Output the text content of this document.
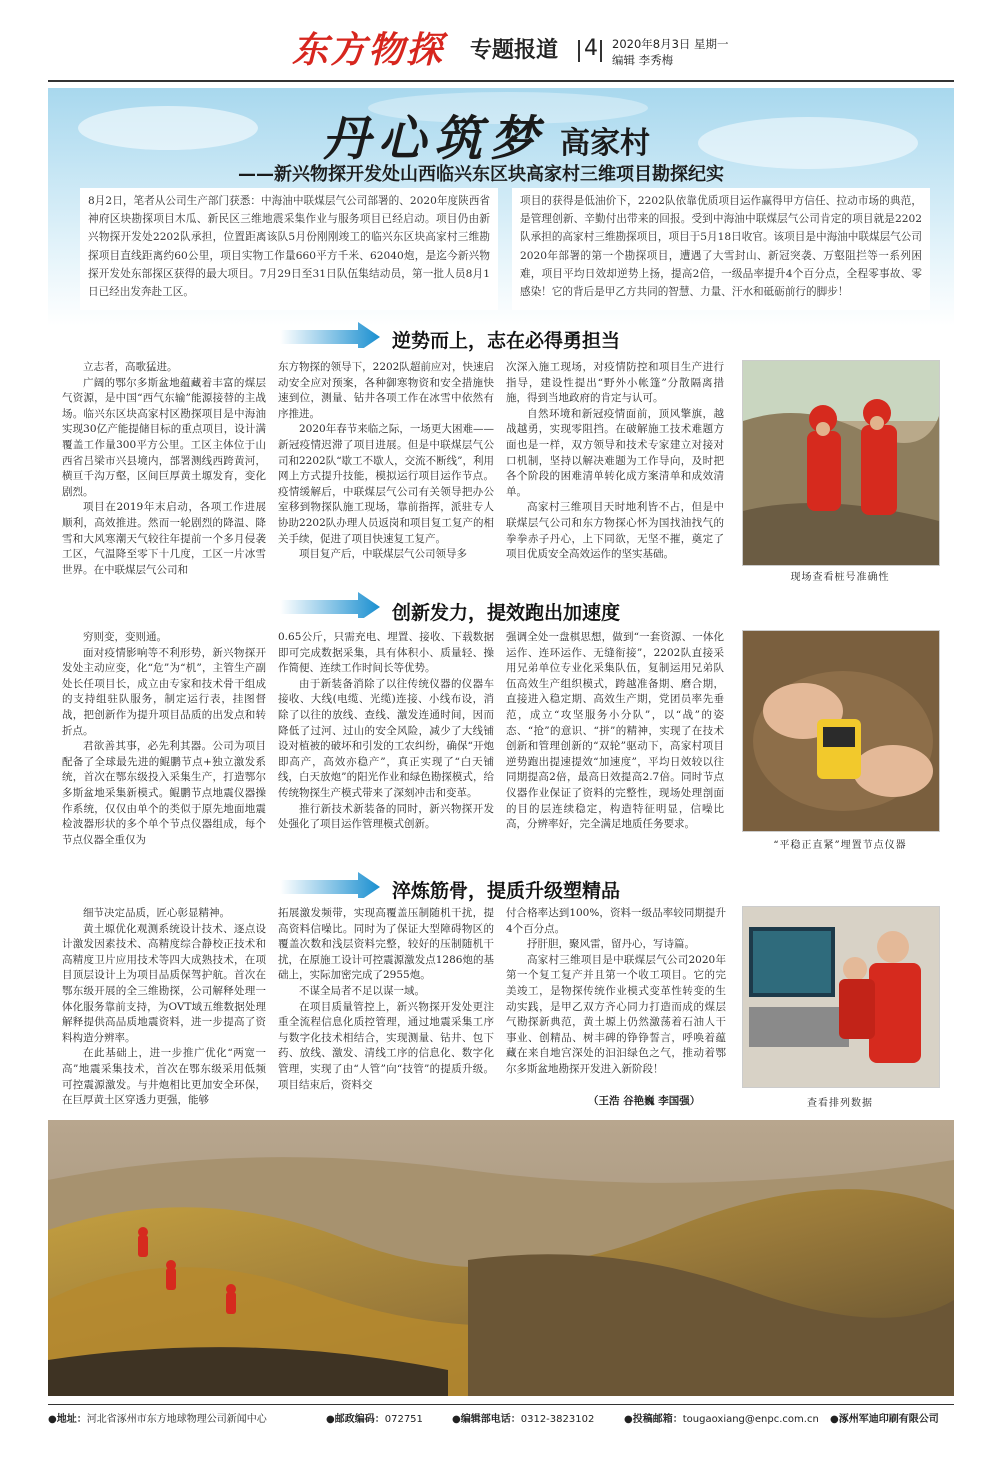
东方物探	专题报道 4 2020年8月3日 星期一
编辑 李秀梅
丹心筑梦 高家村
——新兴物探开发处山西临兴东区块高家村三维项目勘探纪实
8月2日，笔者从公司生产部门获悉：中海油中联煤层气公司部署的、2020年度陕西省神府区块勘探项目木瓜、新民区三维地震采集作业与服务项目已经启动。项目仍由新兴物探开发处2202队承担，位置距离该队5月份刚刚竣工的临兴东区块高家村三维勘探项目直线距离约60公里，项目实物工作量660平方千米、62040炮，是迄今新兴物探开发处东部探区获得的最大项目。7月29日至31日队伍集结动员，第一批人员8月1日已经出发奔赴工区。
项目的获得是低油价下，2202队依靠优质项目运作赢得甲方信任、拉动市场的典范，是管理创新、辛勤付出带来的回报。受到中海油中联煤层气公司肯定的项目就是2202队承担的高家村三维勘探项目，项目于5月18日收官。该项目是中海油中联煤层气公司2020年部署的第一个勘探项目，遭遇了大雪封山、新冠突袭、万壑阻拦等一系列困难，项目平均日效却逆势上扬，提高2倍，一级品率提升4个百分点，全程零事故、零感染！它的背后是甲乙方共同的智慧、力量、汗水和砥砺前行的脚步！
逆势而上，志在必得勇担当

立志者，高歌猛进。

广阔的鄂尔多斯盆地蕴藏着丰富的煤层气资源，是中国“西气东输”能源接替的主战场。临兴东区块高家村区勘探项目是中海油实现30亿产能提储目标的重点项目，设计满覆盖工作量300平方公里。工区主体位于山西省吕梁市兴县境内，部署测线西跨黄河，横亘千沟万壑，区间巨厚黄土塬发育，变化剧烈。

项目在2019年末启动，各项工作进展顺利，高效推进。然而一轮剧烈的降温、降雪和大风寒潮天气较往年提前一个多月侵袭工区，气温降至零下十几度，工区一片冰雪世界。在中联煤层气公司和

东方物探的领导下，2202队超前应对，快速启动安全应对预案，各种御寒物资和安全措施快速到位，测量、钻井各项工作在冰雪中依然有序推进。

2020年春节来临之际，一场更大困难——新冠疫情迟滞了项目进展。但是中联煤层气公司和2202队“歇工不歇人，交流不断线”，利用网上方式提升技能，模拟运行项目运作节点。疫情缓解后，中联煤层气公司有关领导把办公室移到物探队施工现场，靠前指挥，派驻专人协助2202队办理人员返岗和项目复工复产的相关手续，促进了项目快速复工复产。

项目复产后，中联煤层气公司领导多

次深入施工现场，对疫情防控和项目生产进行指导，建设性提出“野外小帐篷”分散隔离措施，得到当地政府的肯定与认可。

自然环境和新冠疫情面前，顶风擎旗，越战越勇，实现零阻挡。在破解施工技术难题方面也是一样，双方领导和技术专家建立对接对口机制，坚持以解决难题为工作导向，及时把各个阶段的困难清单转化成方案清单和成效清单。

高家村三维项目天时地利皆不占，但是中联煤层气公司和东方物探心怀为国找油找气的拳拳赤子丹心，上下同欲，无坚不摧，奠定了项目优质安全高效运作的坚实基础。

现场查看桩号准确性
创新发力，提效跑出加速度

穷则变，变则通。

面对疫情影响等不利形势，新兴物探开发处主动应变，化“危”为“机”，主管生产副处长任项目长，成立由专家和技术骨干组成的支持组驻队服务，制定运行表，挂图督战，把创新作为提升项目品质的出发点和转折点。

君欲善其事，必先利其器。公司为项目配备了全球最先进的鲲鹏节点+独立激发系统，首次在鄂东级投入采集生产，打造鄂尔多斯盆地采集新模式。鲲鹏节点地震仪器操作系统，仅仅由单个的类似于原先地面地震检波器形状的多个单个节点仪器组成，每个节点仪器全重仅为

0.65公斤，只需充电、埋置、接收、下载数据即可完成数据采集，具有体积小、质量轻、操作简便、连续工作时间长等优势。

由于新装备消除了以往传统仪器的仪器车接收、大线(电缆、光缆)连接、小线布设，消除了以往的放线、查线、激发连通时间，因而降低了过河、过山的安全风险，减少了大线铺设对植被的破坏和引发的工农纠纷，确保“开炮即高产，高效亦稳产”，真正实现了“白天铺线，白天放炮”的阳光作业和绿色勘探模式，给传统物探生产模式带来了深刻冲击和变革。

推行新技术新装备的同时，新兴物探开发处强化了项目运作管理模式创新。

强调全处一盘棋思想，做到“一套资源、一体化运作、连环运作、无缝衔接”，2202队直接采用兄弟单位专业化采集队伍，复制运用兄弟队伍高效生产组织模式，跨越准备期、磨合期，直接进入稳定期、高效生产期，党团员率先垂范，成立“攻坚服务小分队”，以“战”的姿态、“抢”的意识、“拼”的精神，实现了在技术创新和管理创新的“双轮”驱动下，高家村项目逆势跑出提速提效“加速度”，平均日效较以往同期提高2倍，最高日效提高2.7倍。同时节点仪器作业保证了资料的完整性，现场处理剖面的目的层连续稳定，构造特征明显，信噪比高，分辨率好，完全满足地质任务要求。

“平稳正直紧”埋置节点仪器
淬炼筋骨，提质升级塑精品

细节决定品质，匠心彰显精神。

黄土塬优化观测系统设计技术、逐点设计激发因素技术、高精度综合静校正技术和高精度卫片应用技术等四大成熟技术，在项目顶层设计上为项目品质保驾护航。首次在鄂东级开展的全三维勘探，公司解释处理一体化服务靠前支持，为OVT域五维数据处理解释提供高品质地震资料，进一步提高了资料构造分辨率。

在此基础上，进一步推广优化“两宽一高”地震采集技术，首次在鄂东级采用低频可控震源激发。与井炮相比更加安全环保，在巨厚黄土区穿透力更强，能够

拓展激发频带，实现高覆盖压制随机干扰，提高资料信噪比。同时为了保证大型障碍物区的覆盖次数和浅层资料完整，较好的压制随机干扰，在原施工设计可控震源激发点1286炮的基础上，实际加密完成了2955炮。

不谋全局者不足以谋一域。

在项目质量管控上，新兴物探开发处更注重全流程信息化质控管理，通过地震采集工序与数字化技术相结合，实现测量、钻井、包下药、放线、激发、清线工序的信息化、数字化管理，实现了由“人管”向“技管”的提质升级。项目结束后，资料交

付合格率达到100%，资料一级品率较同期提升4个百分点。

抒肝胆，聚风雷，留丹心，写诗篇。

高家村三维项目是中联煤层气公司2020年第一个复工复产并且第一个收工项目。它的完美竣工，是物探传统作业模式变革性转变的生动实践，是甲乙双方齐心同力打造而成的煤层气勘探新典范，黄土塬上仍然激荡着石油人干事业、创精品、树丰碑的铮铮誓言，呼唤着蕴藏在来自地宫深处的汩汩绿色之气，推动着鄂尔多斯盆地勘探开发进入新阶段！

（王浩 谷艳巍 李国强）	查看排列数据
●地址：河北省涿州市东方地球物理公司新闻中心	●邮政编码：072751	●编辑部电话：0312-3823102	●投稿邮箱：tougaoxiang@enpc.com.cn ●涿州军迪印刷有限公司
